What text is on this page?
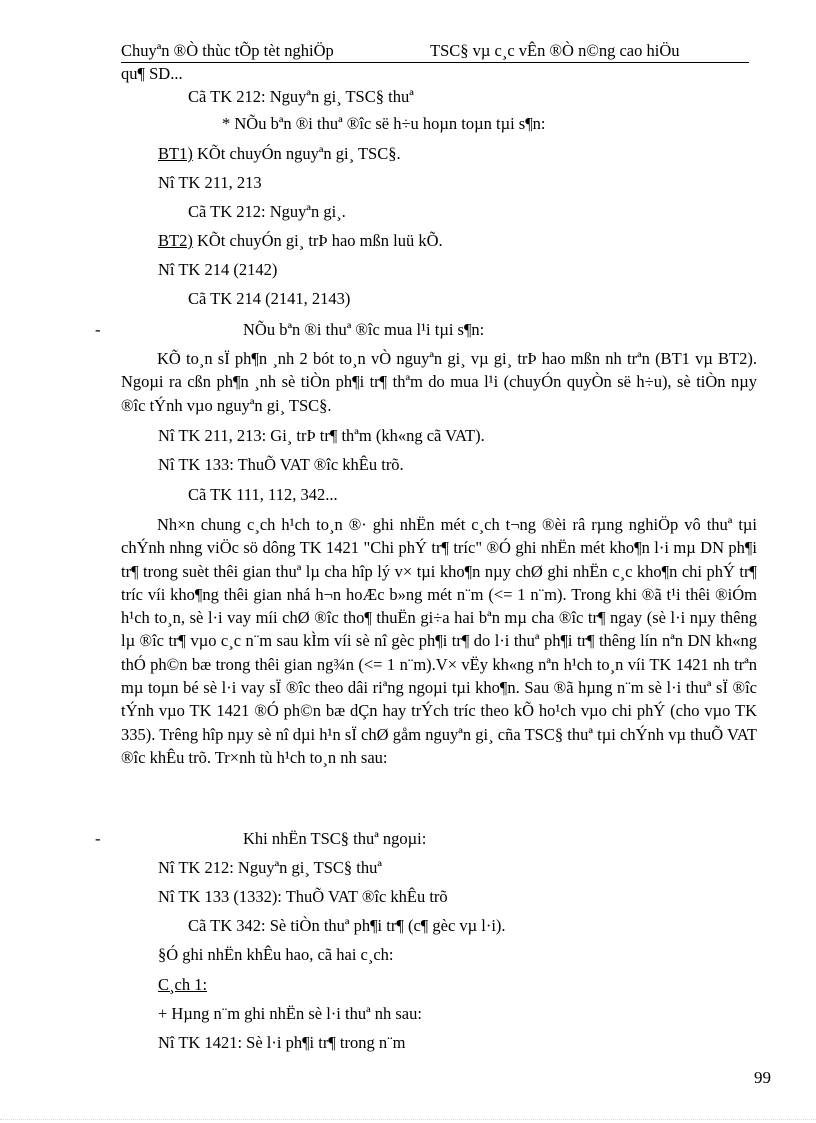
Chuyªn ®Ò thùc tÕp tèt nghiÖp	TSC§ vµ c¸c vÊn ®Ò n©ng cao hiÖu
qu¶ SD...
Cã TK 212: Nguyªn gi¸ TSC§ thuª
* NÕu bªn ®i thuª ®îc së h÷u hoµn toµn tµi s¶n:
BT1) KÕt chuyÓn nguyªn gi¸ TSC§.
Nî TK 211, 213
Cã TK 212: Nguyªn gi¸.
BT2) KÕt chuyÓn gi¸ trÞ hao mßn luü kÕ.
Nî TK 214 (2142)
Cã TK 214 (2141, 2143)
-	NÕu bªn ®i thuª ®îc mua l¹i tµi s¶n:

KÕ to¸n sÏ ph¶n ¸nh 2 bót to¸n vÒ nguyªn gi¸ vµ gi¸ trÞ hao mßn nh trªn (BT1 vµ BT2). Ngoµi ra cßn ph¶n ¸nh sè tiÒn ph¶i tr¶ thªm do mua l¹i (chuyÓn quyÒn së h÷u), sè tiÒn nµy ®îc tÝnh vµo nguyªn gi¸ TSC§.

Nî TK 211, 213: Gi¸ trÞ tr¶ thªm (kh«ng cã VAT).
Nî TK 133: ThuÕ VAT ®îc khÊu trõ.
Cã TK 111, 112, 342...

Nh×n chung c¸ch h¹ch to¸n ®· ghi nhËn mét c¸ch t¬ng ®èi râ rµng nghiÖp vô thuª tµi chÝnh nhng viÖc sö dông TK 1421 "Chi phÝ tr¶ tríc" ®Ó ghi nhËn mét kho¶n l·i mµ DN ph¶i tr¶ trong suèt thêi gian thuª lµ cha hîp lý v× tµi kho¶n nµy chØ ghi nhËn c¸c kho¶n chi phÝ tr¶ tríc víi kho¶ng thêi gian nhá h¬n hoÆc b»ng mét n¨m (<= 1 n¨m). Trong khi ®ã t¹i thêi ®iÓm h¹ch to¸n, sè l·i vay míi chØ ®îc tho¶ thuËn gi÷a hai bªn mµ cha ®îc tr¶ ngay (sè l·i nµy thêng lµ ®îc tr¶ vµo c¸c n¨m sau kÌm víi sè nî gèc ph¶i tr¶ do l·i thuª ph¶i tr¶ thêng lín nªn DN kh«ng thÓ ph©n bæ trong thêi gian ng¾n (<= 1 n¨m).V× vËy kh«ng nªn h¹ch to¸n víi TK 1421 nh trªn mµ toµn bé sè l·i vay sÏ ®îc theo dâi riªng ngoµi tµi kho¶n. Sau ®ã hµng n¨m sè l·i thuª sÏ ®îc tÝnh vµo TK 1421 ®Ó ph©n bæ dÇn hay trÝch tríc theo kÕ ho¹ch vµo chi phÝ (cho vµo TK 335). Trêng hîp nµy sè nî dµi h¹n sÏ chØ gåm nguyªn gi¸ cña TSC§ thuª tµi chÝnh vµ thuÕ VAT ®îc khÊu trõ. Tr×nh tù h¹ch to¸n nh sau:

-	Khi nhËn TSC§ thuª ngoµi:
Nî TK 212: Nguyªn gi¸ TSC§ thuª
Nî TK 133 (1332): ThuÕ VAT ®îc khÊu trõ
Cã TK 342: Sè tiÒn thuª ph¶i tr¶ (c¶ gèc vµ l·i).
§Ó ghi nhËn khÊu hao, cã hai c¸ch:
C¸ch 1:
+ Hµng n¨m ghi nhËn sè l·i thuª nh sau:
Nî TK 1421: Sè l·i ph¶i tr¶ trong n¨m
99
